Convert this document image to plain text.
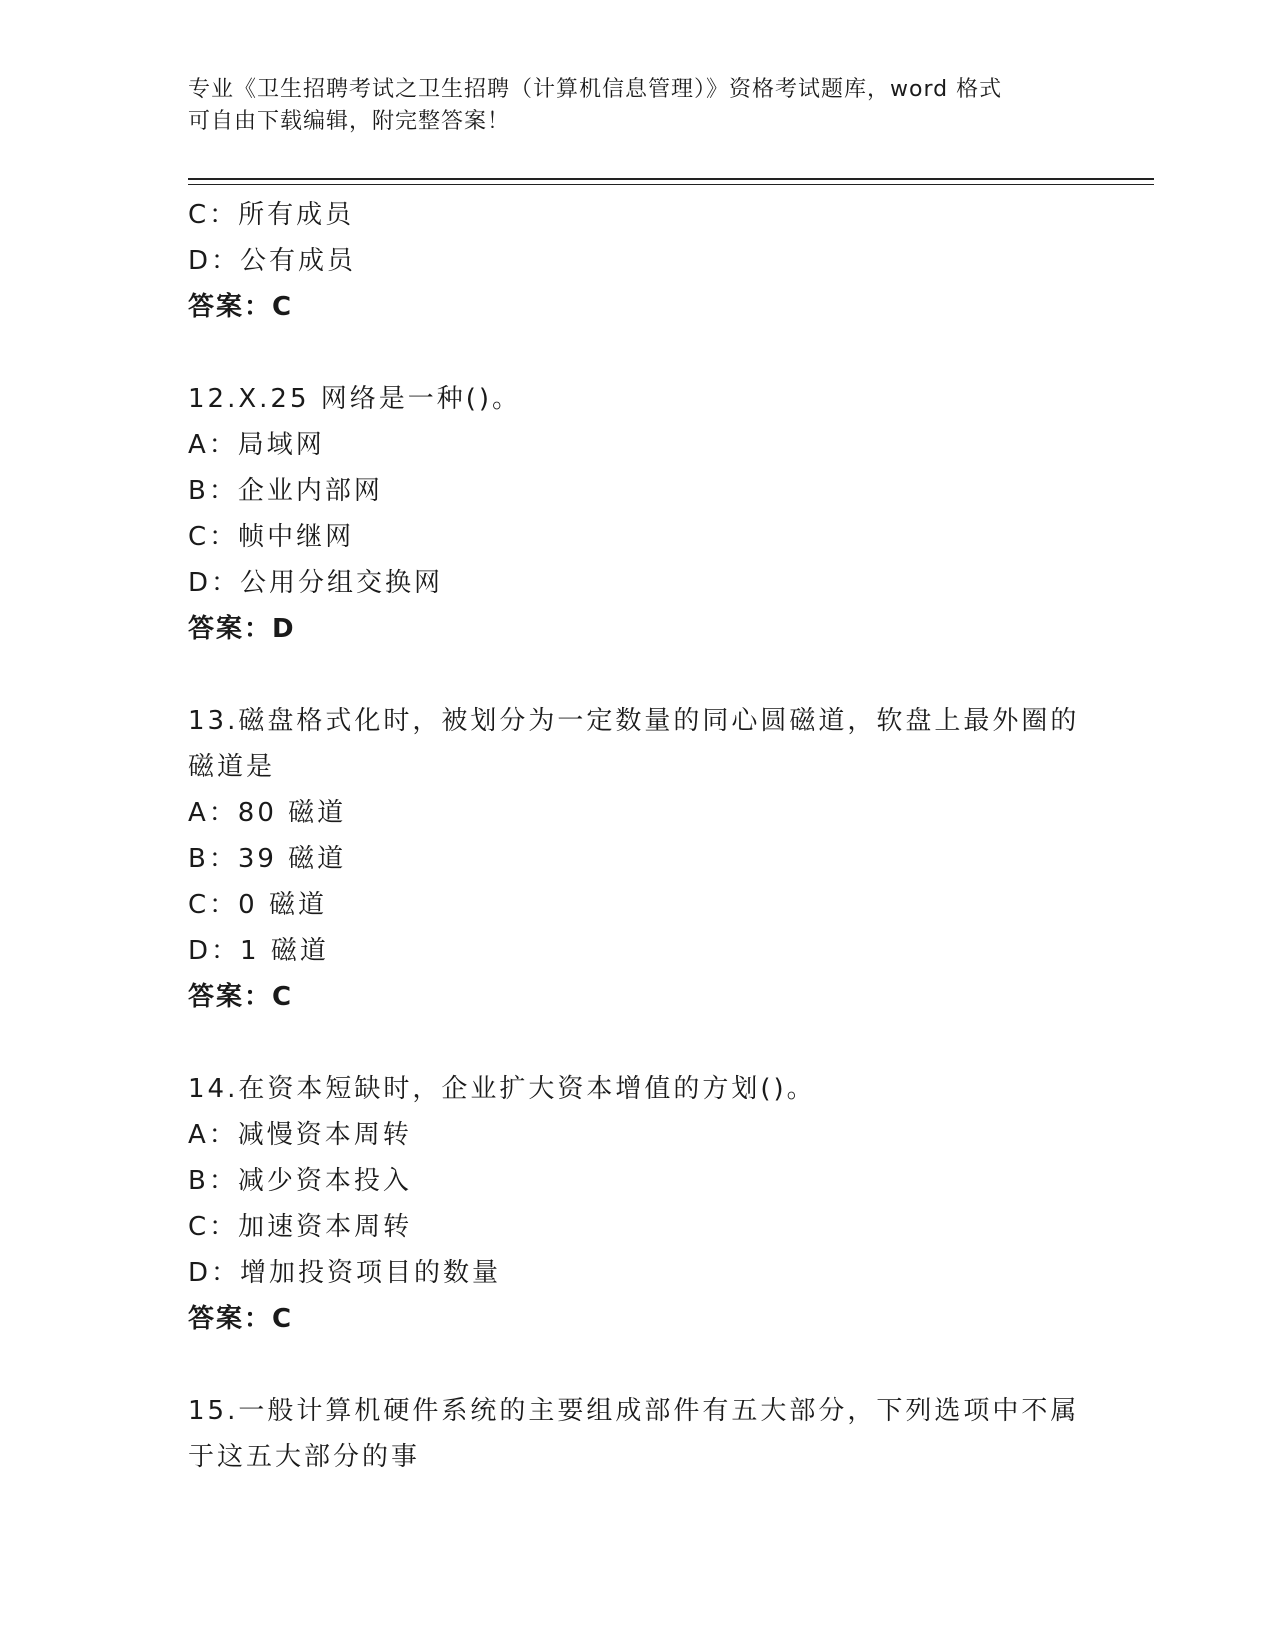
专业《卫生招聘考试之卫生招聘（计算机信息管理）》资格考试题库，word 格式
可自由下载编辑，附完整答案！
C：所有成员
D：公有成员
答案：C
12.X.25 网络是一种()。
A：局域网
B：企业内部网
C：帧中继网
D：公用分组交换网
答案：D
13.磁盘格式化时，被划分为一定数量的同心圆磁道，软盘上最外圈的
磁道是
A：80 磁道
B：39 磁道
C：0 磁道
D：1 磁道
答案：C
14.在资本短缺时，企业扩大资本增值的方划()。
A：减慢资本周转
B：减少资本投入
C：加速资本周转
D：增加投资项目的数量
答案：C
15.一般计算机硬件系统的主要组成部件有五大部分，下列选项中不属
于这五大部分的事
